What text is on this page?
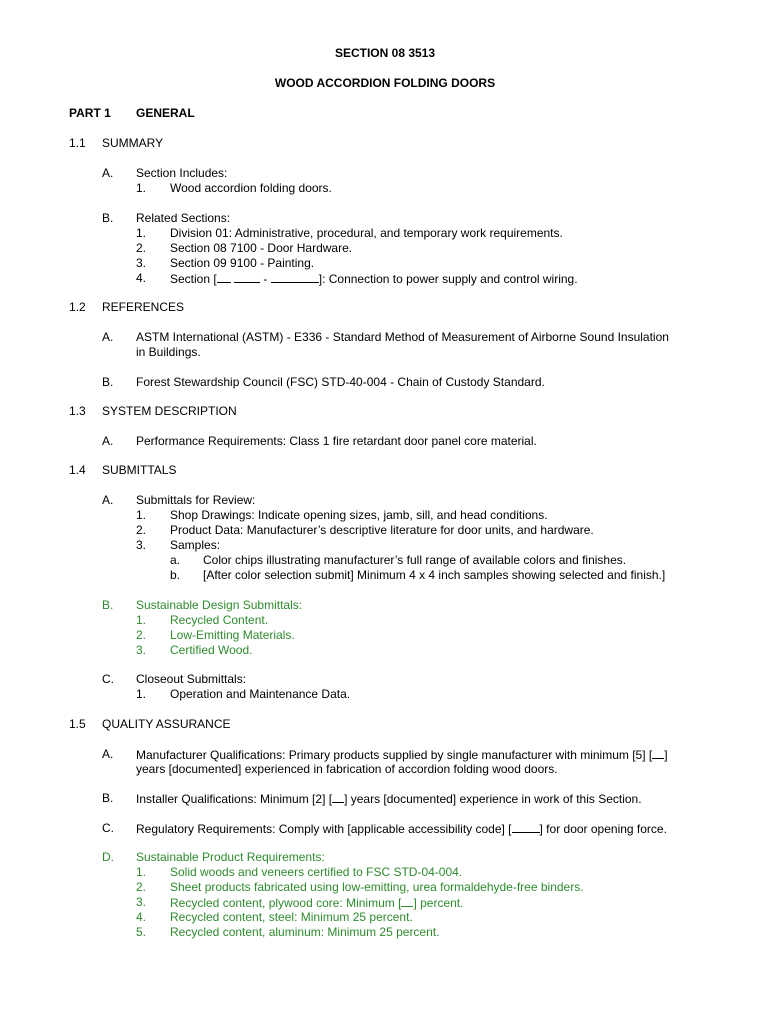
SECTION 08 3513
WOOD ACCORDION FOLDING DOORS
PART 1 GENERAL
1.1 SUMMARY
A. Section Includes:
1. Wood accordion folding doors.
B. Related Sections:
1. Division 01: Administrative, procedural, and temporary work requirements.
2. Section 08 7100 - Door Hardware.
3. Section 09 9100 - Painting.
4. Section [	-	]: Connection to power supply and control wiring.
1.2 REFERENCES
A. ASTM International (ASTM) - E336 - Standard Method of Measurement of Airborne Sound Insulation
in Buildings.
B. Forest Stewardship Council (FSC) STD-40-004 - Chain of Custody Standard.
1.3 SYSTEM DESCRIPTION
A. Performance Requirements: Class 1 fire retardant door panel core material.
1.4 SUBMITTALS
A. Submittals for Review:
1. Shop Drawings: Indicate opening sizes, jamb, sill, and head conditions.
2. Product Data: Manufacturer’s descriptive literature for door units, and hardware.
3. Samples:
a. Color chips illustrating manufacturer’s full range of available colors and finishes.
b. [After color selection submit] Minimum 4 x 4 inch samples showing selected and finish.]
B. Sustainable Design Submittals:
1. Recycled Content.
2. Low-Emitting Materials.
3. Certified Wood.
C. Closeout Submittals:
1. Operation and Maintenance Data.
1.5 QUALITY ASSURANCE
A. Manufacturer Qualifications: Primary products supplied by single manufacturer with minimum [5] [ ]
years [documented] experienced in fabrication of accordion folding wood doors.
B. Installer Qualifications: Minimum [2] [ ] years [documented] experience in work of this Section.
C. Regulatory Requirements: Comply with [applicable accessibility code] [ ] for door opening force.
D. Sustainable Product Requirements:
1. Solid woods and veneers certified to FSC STD-04-004.
2. Sheet products fabricated using low-emitting, urea formaldehyde-free binders.
3. Recycled content, plywood core: Minimum [ ] percent.
4. Recycled content, steel: Minimum 25 percent.
5. Recycled content, aluminum: Minimum 25 percent.
